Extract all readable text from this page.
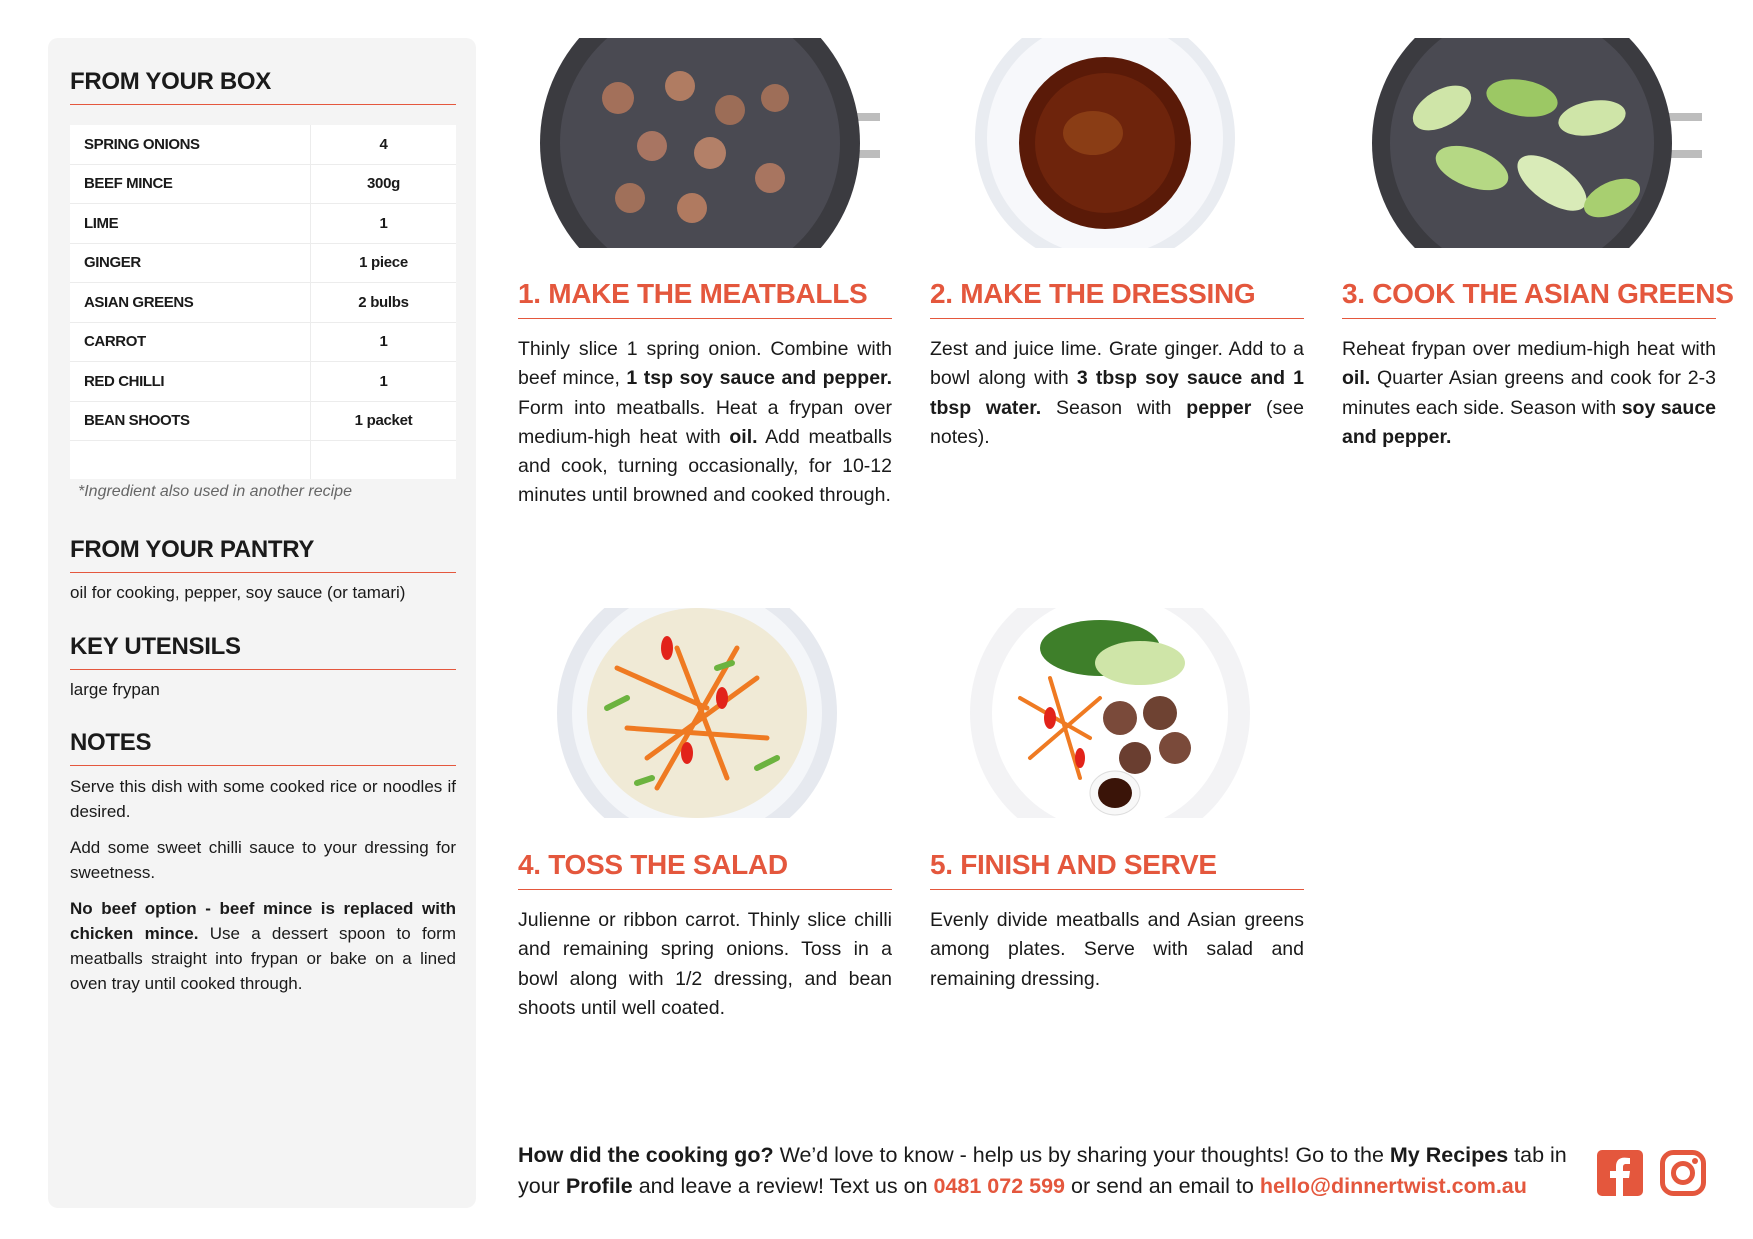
FROM YOUR BOX
SPRING ONIONS	4
BEEF MINCE	300g
LIME	1
GINGER	1 piece
ASIAN GREENS	2 bulbs
CARROT	1
RED CHILLI	1
BEAN SHOOTS	1 packet
*Ingredient also used in another recipe
FROM YOUR PANTRY
oil for cooking, pepper, soy sauce (or tamari)
KEY UTENSILS
large frypan
NOTES

Serve this dish with some cooked rice or noodles if desired.

Add some sweet chilli sauce to your dressing for sweetness.

No beef option - beef mince is replaced with chicken mince. Use a dessert spoon to form meatballs straight into frypan or bake on a lined oven tray until cooked through.

1. MAKE THE MEATBALLS
Thinly slice 1 spring onion. Combine with beef mince, 1 tsp soy sauce and pepper. Form into meatballs. Heat a frypan over medium-high heat with oil. Add meatballs and cook, turning occasionally, for 10-12 minutes until browned and cooked through.
2. MAKE THE DRESSING
Zest and juice lime. Grate ginger. Add to a bowl along with 3 tbsp soy sauce and 1 tbsp water. Season with pepper (see notes).
3. COOK THE ASIAN GREENS
Reheat frypan over medium-high heat with oil. Quarter Asian greens and cook for 2-3 minutes each side. Season with soy sauce and pepper.
4. TOSS THE SALAD
Julienne or ribbon carrot. Thinly slice chilli and remaining spring onions. Toss in a bowl along with 1/2 dressing, and bean shoots until well coated.
5. FINISH AND SERVE
Evenly divide meatballs and Asian greens among plates. Serve with salad and remaining dressing.
How did the cooking go? We’d love to know - help us by sharing your thoughts! Go to the My Recipes tab in your Profile and leave a review! Text us on 0481 072 599 or send an email to hello@dinnertwist.com.au
